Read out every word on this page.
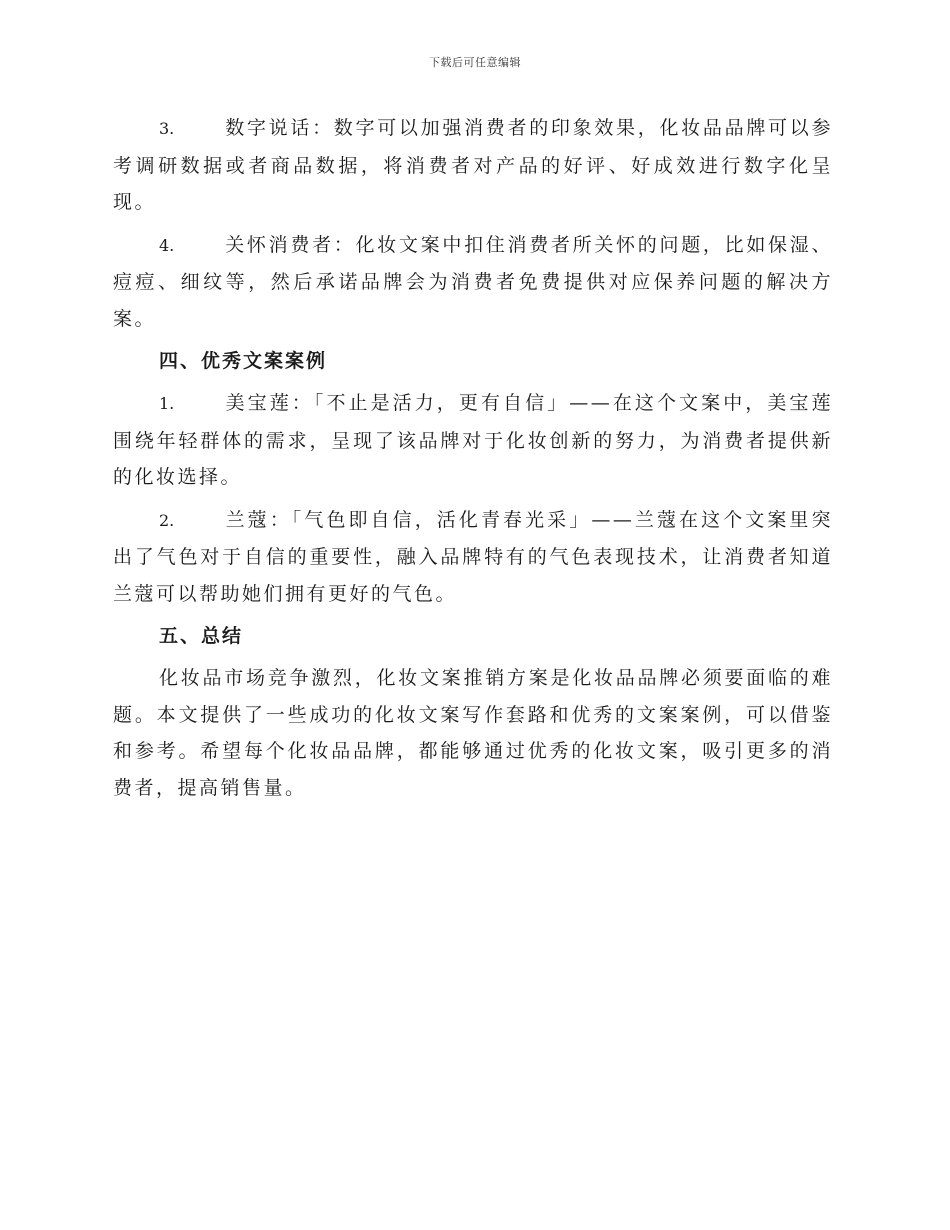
下载后可任意编辑

3.	数字说话：数字可以加强消费者的印象效果，化妆品品牌可以参考调研数据或者商品数据，将消费者对产品的好评、好成效进行数字化呈现。

4.	关怀消费者：化妆文案中扣住消费者所关怀的问题，比如保湿、痘痘、细纹等，然后承诺品牌会为消费者免费提供对应保养问题的解决方案。

四、优秀文案案例

1.	美宝莲：「不止是活力，更有自信」——在这个文案中，美宝莲围绕年轻群体的需求，呈现了该品牌对于化妆创新的努力，为消费者提供新的化妆选择。

2.	兰蔻：「气色即自信，活化青春光采」——兰蔻在这个文案里突出了气色对于自信的重要性，融入品牌特有的气色表现技术，让消费者知道兰蔻可以帮助她们拥有更好的气色。

五、总结

化妆品市场竞争激烈，化妆文案推销方案是化妆品品牌必须要面临的难题。本文提供了一些成功的化妆文案写作套路和优秀的文案案例，可以借鉴和参考。希望每个化妆品品牌，都能够通过优秀的化妆文案，吸引更多的消费者，提高销售量。
